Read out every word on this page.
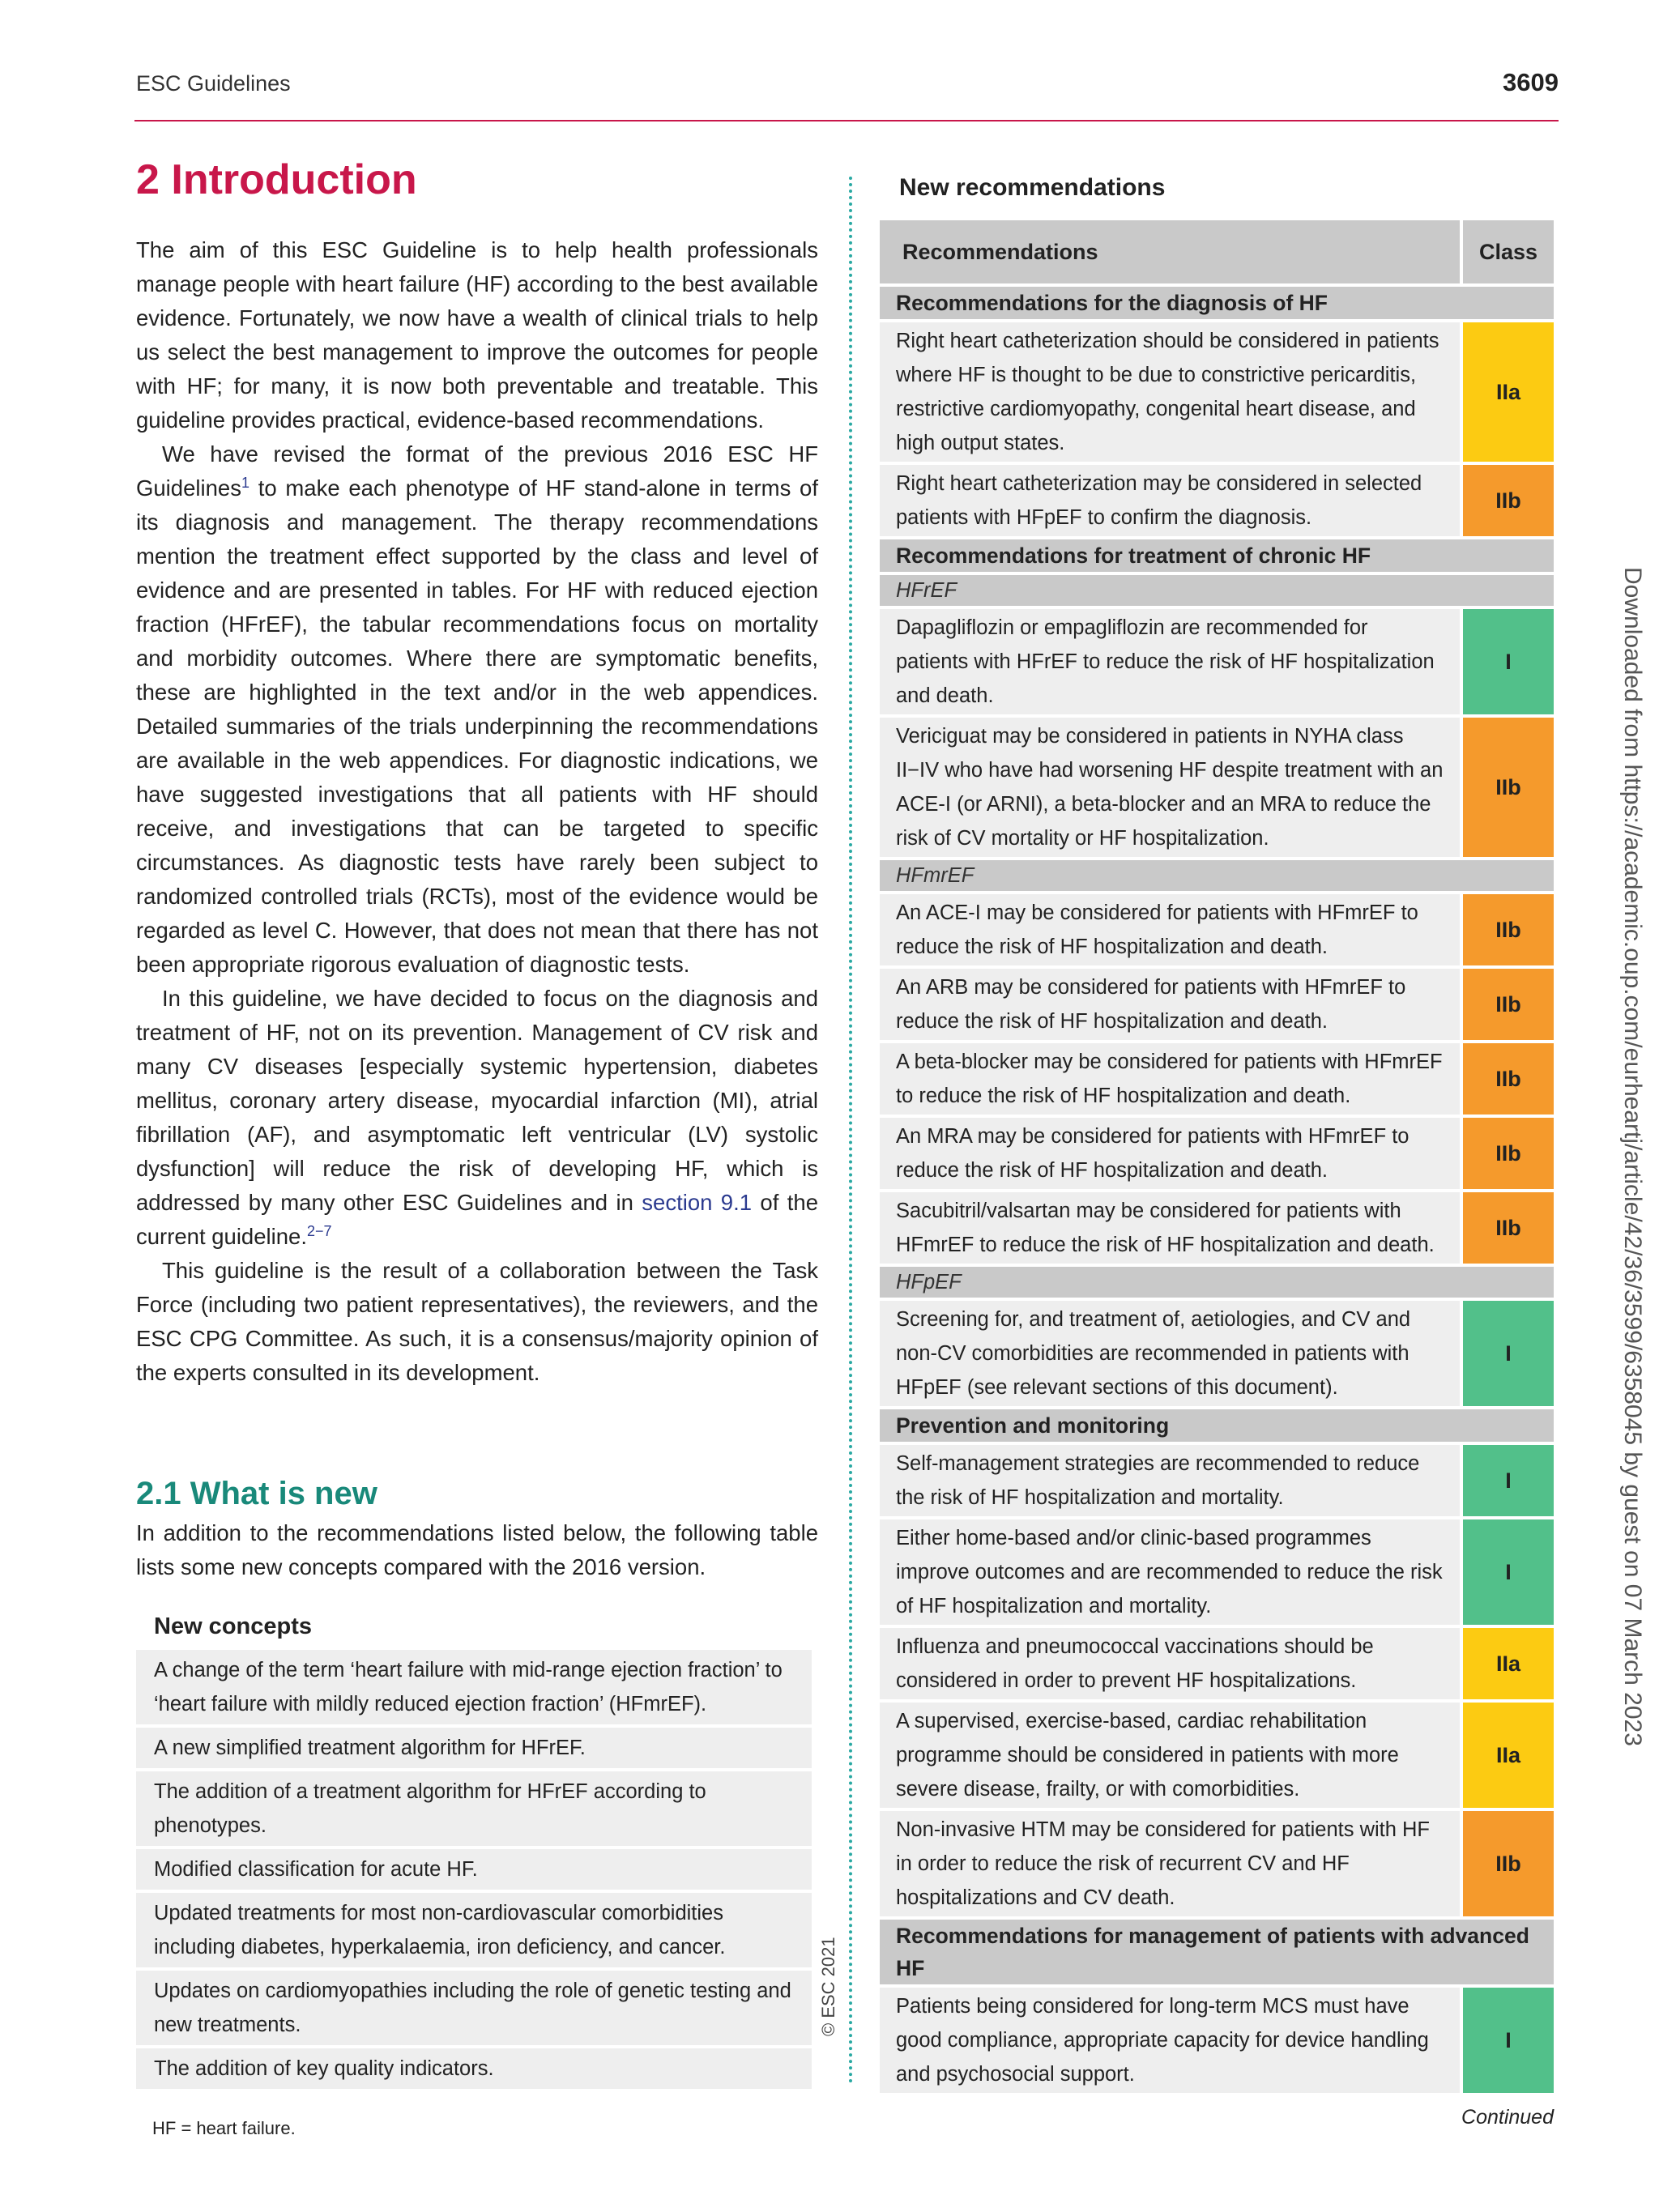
ESC Guidelines	3609
2 Introduction

The aim of this ESC Guideline is to help health professionals manage people with heart failure (HF) according to the best available evidence. Fortunately, we now have a wealth of clinical trials to help us select the best management to improve the outcomes for people with HF; for many, it is now both preventable and treatable. This guideline provides practical, evidence-based recommendations.

We have revised the format of the previous 2016 ESC HF Guidelines$^1$ to make each phenotype of HF stand-alone in terms of its diagnosis and management. The therapy recommendations mention the treatment effect supported by the class and level of evidence and are presented in tables. For HF with reduced ejection fraction (HFrEF), the tabular recommendations focus on mortality and morbidity outcomes. Where there are symptomatic benefits, these are highlighted in the text and/or in the web appendices. Detailed summaries of the trials underpinning the recommendations are available in the web appendices. For diagnostic indications, we have suggested investigations that all patients with HF should receive, and investigations that can be targeted to specific circumstances. As diagnostic tests have rarely been subject to randomized controlled trials (RCTs), most of the evidence would be regarded as level C. However, that does not mean that there has not been appropriate rigorous evaluation of diagnostic tests.

In this guideline, we have decided to focus on the diagnosis and treatment of HF, not on its prevention. Management of CV risk and many CV diseases [especially systemic hypertension, diabetes mellitus, coronary artery disease, myocardial infarction (MI), atrial fibrillation (AF), and asymptomatic left ventricular (LV) systolic dysfunction] will reduce the risk of developing HF, which is addressed by many other ESC Guidelines and in section 9.1 of the current guideline.$^{2-7}$

This guideline is the result of a collaboration between the Task Force (including two patient representatives), the reviewers, and the ESC CPG Committee. As such, it is a consensus/majority opinion of the experts consulted in its development.

2.1 What is new

In addition to the recommendations listed below, the following table lists some new concepts compared with the 2016 version.

New concepts
A change of the term ‘heart failure with mid-range ejection fraction’ to ‘heart failure with mildly reduced ejection fraction’ (HFmrEF).
A new simplified treatment algorithm for HFrEF.
The addition of a treatment algorithm for HFrEF according to phenotypes.
Modified classification for acute HF.
Updated treatments for most non-cardiovascular comorbidities including diabetes, hyperkalaemia, iron deficiency, and cancer.
Updates on cardiomyopathies including the role of genetic testing and new treatments.
The addition of key quality indicators.
HF = heart failure.
© ESC 2021
New recommendations
Recommendations	Class
Recommendations for the diagnosis of HF
Right heart catheterization should be considered in patients where HF is thought to be due to constrictive pericarditis, restrictive cardiomyopathy, congenital heart disease, and high output states.
IIa
Right heart catheterization may be considered in selected patients with HFpEF to confirm the diagnosis.
IIb
Recommendations for treatment of chronic HF
HFrEF
Dapagliflozin or empagliflozin are recommended for patients with HFrEF to reduce the risk of HF hospitalization and death.
I
Vericiguat may be considered in patients in NYHA class II−IV who have had worsening HF despite treatment with an ACE-I (or ARNI), a beta-blocker and an MRA to reduce the risk of CV mortality or HF hospitalization.
IIb
HFmrEF
An ACE-I may be considered for patients with HFmrEF to reduce the risk of HF hospitalization and death.
IIb
An ARB may be considered for patients with HFmrEF to reduce the risk of HF hospitalization and death.
IIb
A beta-blocker may be considered for patients with HFmrEF to reduce the risk of HF hospitalization and death.
IIb
An MRA may be considered for patients with HFmrEF to reduce the risk of HF hospitalization and death.
IIb
Sacubitril/valsartan may be considered for patients with HFmrEF to reduce the risk of HF hospitalization and death.
IIb
HFpEF
Screening for, and treatment of, aetiologies, and CV and non-CV comorbidities are recommended in patients with HFpEF (see relevant sections of this document).
I
Prevention and monitoring
Self-management strategies are recommended to reduce the risk of HF hospitalization and mortality.
I
Either home-based and/or clinic-based programmes improve outcomes and are recommended to reduce the risk of HF hospitalization and mortality.
I
Influenza and pneumococcal vaccinations should be considered in order to prevent HF hospitalizations.
IIa
A supervised, exercise-based, cardiac rehabilitation programme should be considered in patients with more severe disease, frailty, or with comorbidities.
IIa
Non-invasive HTM may be considered for patients with HF in order to reduce the risk of recurrent CV and HF hospitalizations and CV death.
IIb
Recommendations for management of patients with advanced HF
Patients being considered for long-term MCS must have good compliance, appropriate capacity for device handling and psychosocial support.
I
Continued
Downloaded from https://academic.oup.com/eurheartj/article/42/36/3599/6358045 by guest on 07 March 2023
